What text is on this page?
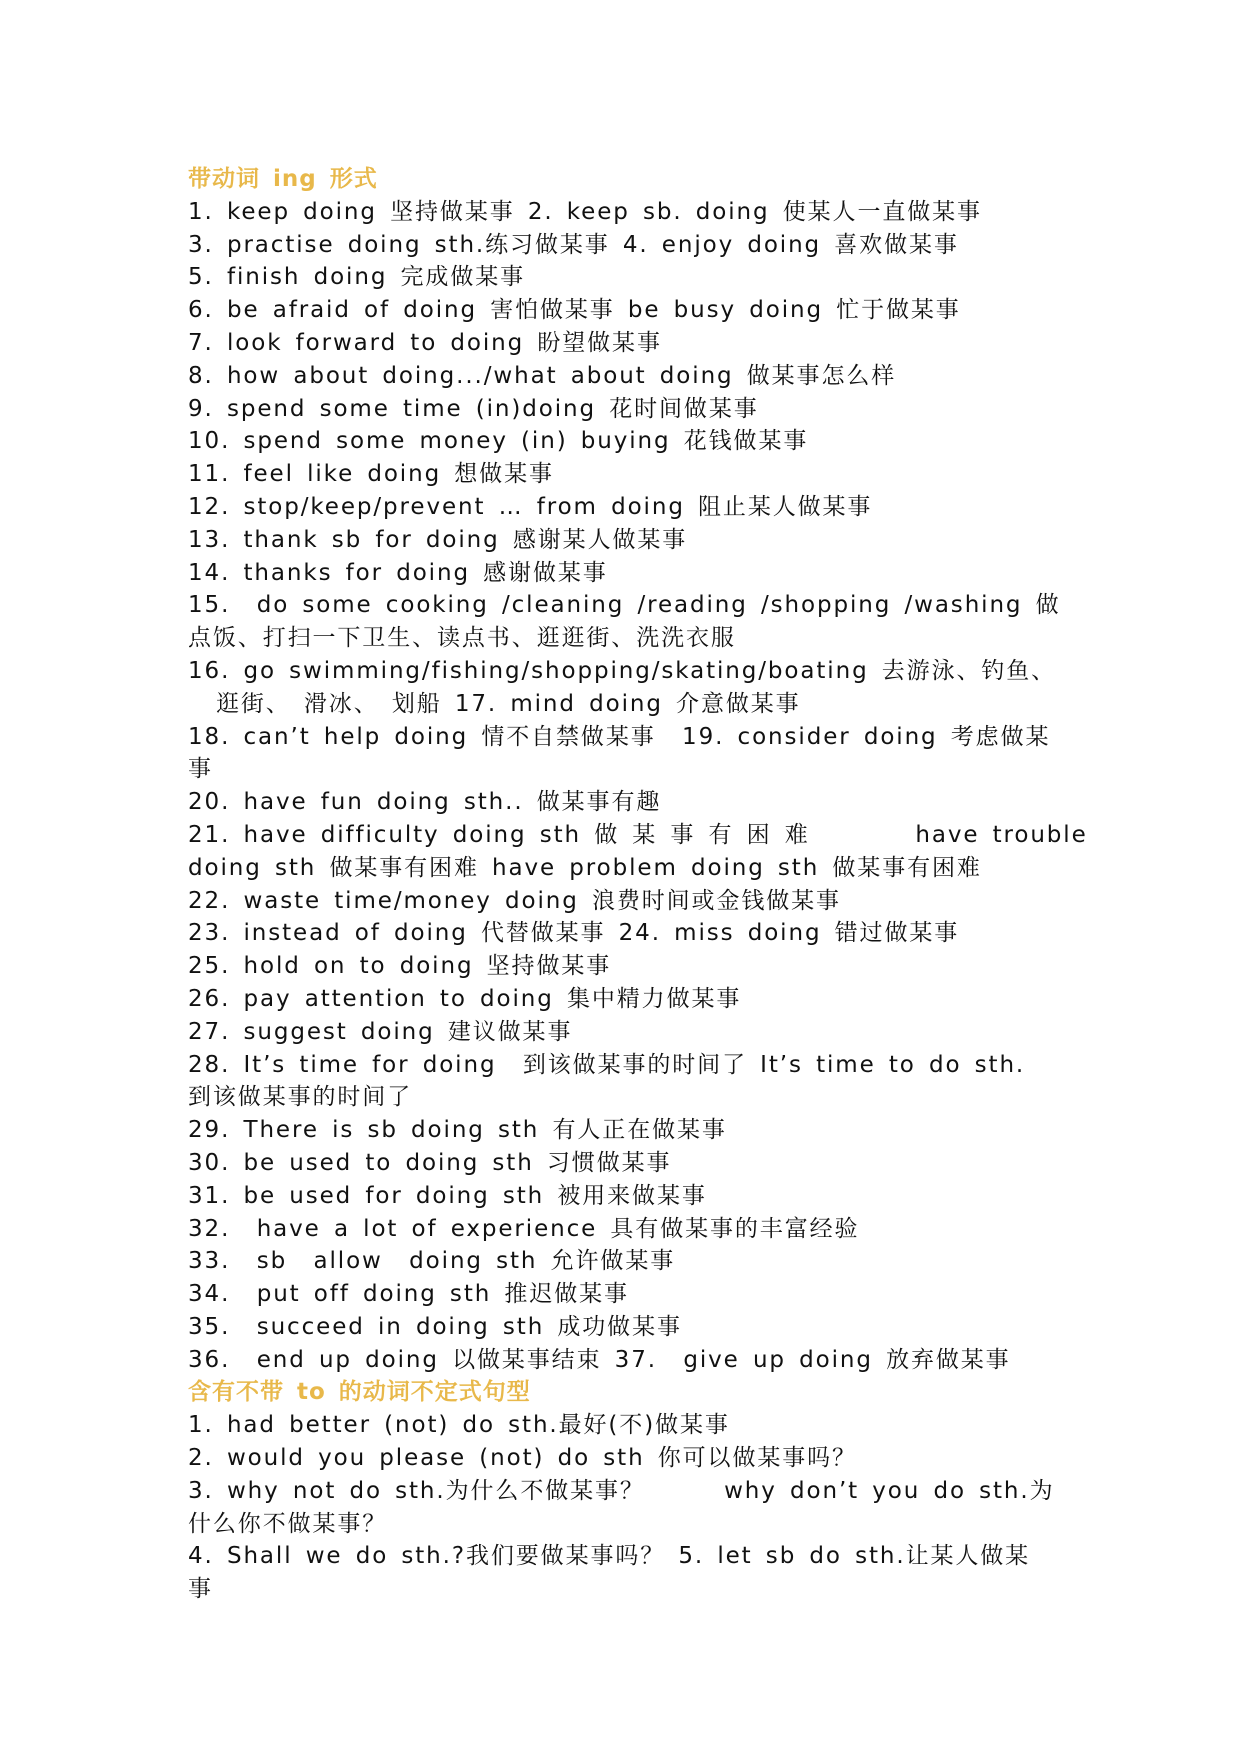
带动词 ing 形式
1. keep doing 坚持做某事 2. keep sb. doing 使某人一直做某事
3. practise doing sth.练习做某事 4. enjoy doing 喜欢做某事
5. finish doing 完成做某事
6. be afraid of doing 害怕做某事 be busy doing 忙于做某事
7. look forward to doing 盼望做某事
8. how about doing.../what about doing 做某事怎么样
9. spend some time (in)doing 花时间做某事
10. spend some money (in) buying 花钱做某事
11. feel like doing 想做某事
12. stop/keep/prevent … from doing 阻止某人做某事
13. thank sb for doing 感谢某人做某事
14. thanks for doing 感谢做某事
15.  do some cooking /cleaning /reading /shopping /washing 做
点饭、打扫一下卫生、读点书、逛逛街、洗洗衣服
16. go swimming/fishing/shopping/skating/boating 去游泳、钓鱼、
逛街、 滑冰、 划船 17. mind doing 介意做某事
18. can’t help doing 情不自禁做某事  19. consider doing 考虑做某
事
20. have fun doing sth.. 做某事有趣
21. have difficulty doing sth 做 某 事 有 困 难        have trouble
doing sth 做某事有困难 have problem doing sth 做某事有困难
22. waste time/money doing 浪费时间或金钱做某事
23. instead of doing 代替做某事 24. miss doing 错过做某事
25. hold on to doing 坚持做某事
26. pay attention to doing 集中精力做某事
27. suggest doing 建议做某事
28. It’s time for doing  到该做某事的时间了 It’s time to do sth.
到该做某事的时间了
29. There is sb doing sth 有人正在做某事
30. be used to doing sth 习惯做某事
31. be used for doing sth 被用来做某事
32.  have a lot of experience 具有做某事的丰富经验
33.  sb  allow  doing sth 允许做某事
34.  put off doing sth 推迟做某事
35.  succeed in doing sth 成功做某事
36.  end up doing 以做某事结束 37.  give up doing 放弃做某事
含有不带 to 的动词不定式句型
1. had better (not) do sth.最好(不)做某事
2. would you please (not) do sth 你可以做某事吗？
3. why not do sth.为什么不做某事？      why don’t you do sth.为
什么你不做某事？
4. Shall we do sth.?我们要做某事吗？ 5. let sb do sth.让某人做某
事
